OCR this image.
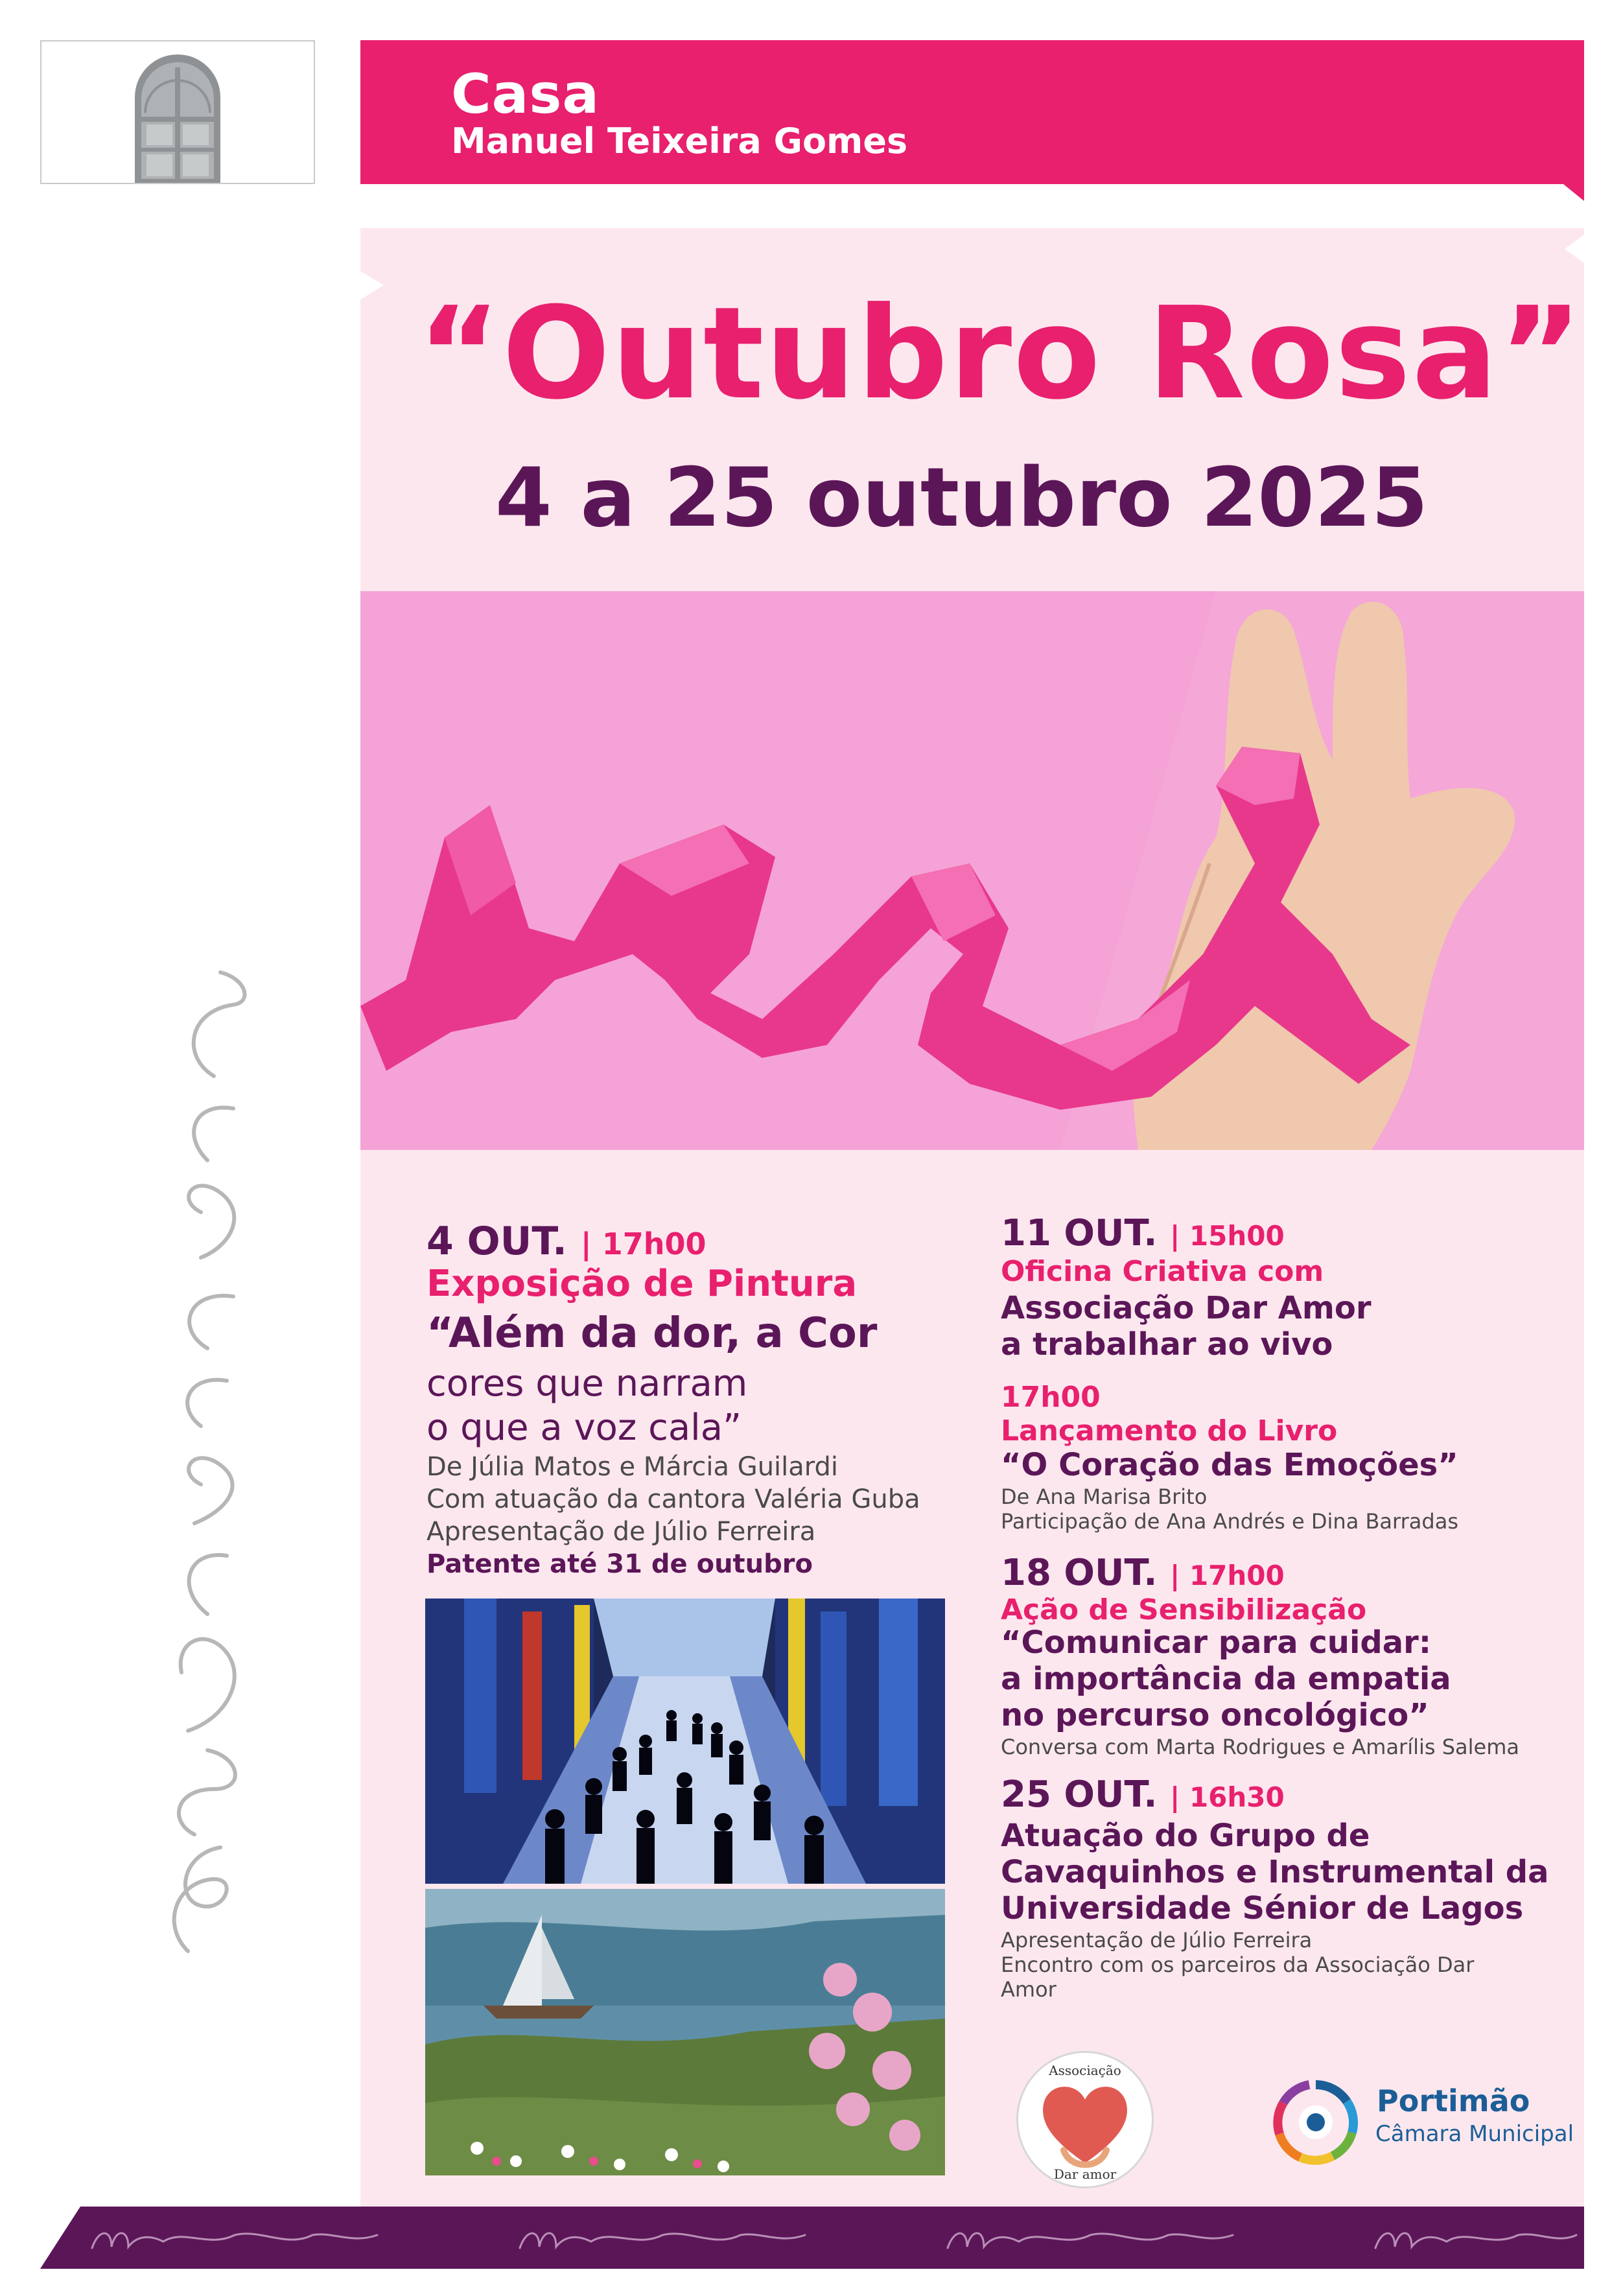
Casa
Manuel Teixeira Gomes
“Outubro Rosa”
4 a 25 outubro 2025
4 OUT. | 17h00
Exposição de Pintura
“Além da dor, a Cor
cores que narram
o que a voz cala”
De Júlia Matos e Márcia Guilardi
Com atuação da cantora Valéria Guba
Apresentação de Júlio Ferreira
Patente até 31 de outubro
11 OUT. | 15h00
Oficina Criativa com
Associação Dar Amor
a trabalhar ao vivo
17h00
Lançamento do Livro
“O Coração das Emoções”
De Ana Marisa Brito
Participação de Ana Andrés e Dina Barradas
18 OUT. | 17h00
Ação de Sensibilização
“Comunicar para cuidar:
a importância da empatia
no percurso oncológico”
Conversa com Marta Rodrigues e Amarílis Salema
25 OUT. | 16h30
Atuação do Grupo de
Cavaquinhos e Instrumental da
Universidade Sénior de Lagos
Apresentação de Júlio Ferreira
Encontro com os parceiros da Associação Dar
Amor
Associação
Dar amor
Portimão
Câmara Municipal
